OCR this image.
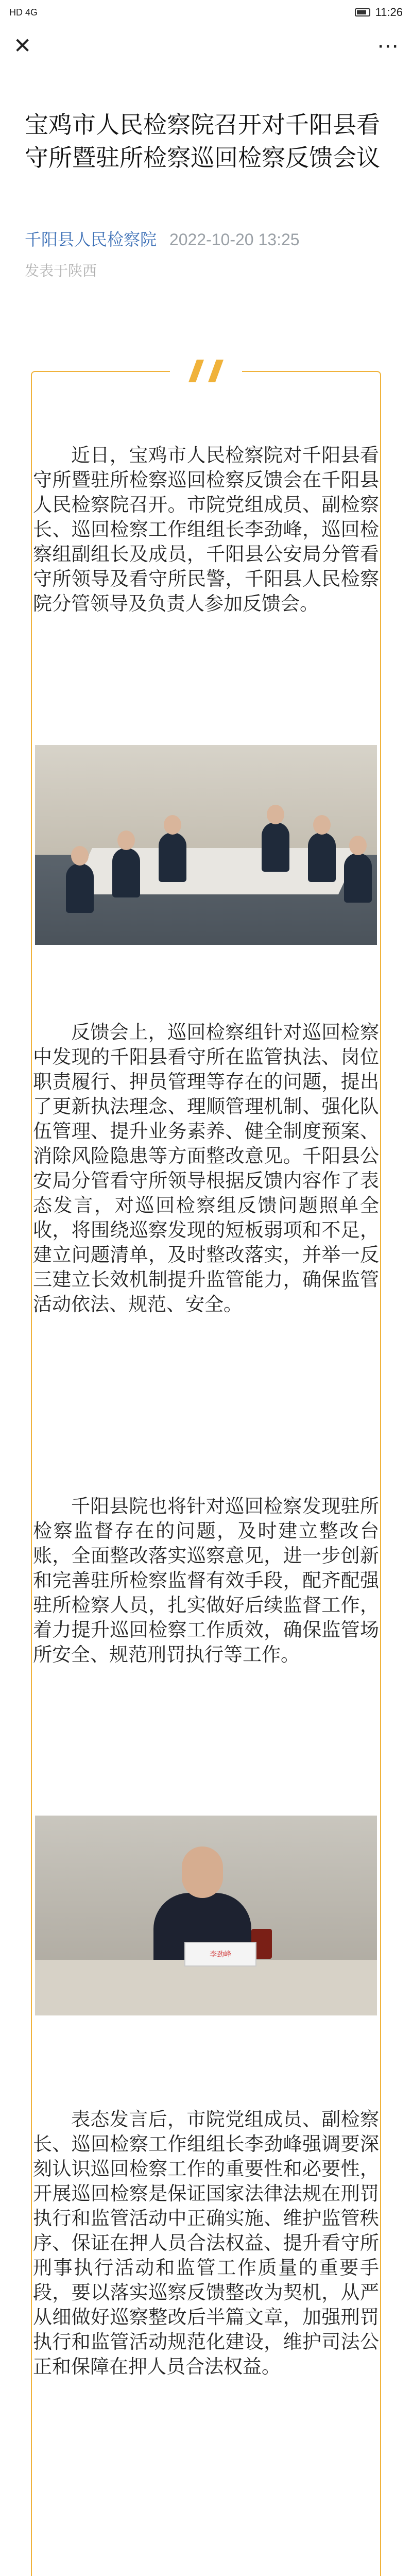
HD 4G	11:26
✕	⋯
宝鸡市人民检察院召开对千阳县看守所暨驻所检察巡回检察反馈会议
千阳县人民检察院 2022-10-20 13:25
发表于陕西

近日，宝鸡市人民检察院对千阳县看守所暨驻所检察巡回检察反馈会在千阳县人民检察院召开。市院党组成员、副检察长、巡回检察工作组组长李劲峰，巡回检察组副组长及成员，千阳县公安局分管看守所领导及看守所民警，千阳县人民检察院分管领导及负责人参加反馈会。

反馈会上，巡回检察组针对巡回检察中发现的千阳县看守所在监管执法、岗位职责履行、押员管理等存在的问题，提出了更新执法理念、理顺管理机制、强化队伍管理、提升业务素养、健全制度预案、消除风险隐患等方面整改意见。千阳县公安局分管看守所领导根据反馈内容作了表态发言，对巡回检察组反馈问题照单全收，将围绕巡察发现的短板弱项和不足，建立问题清单，及时整改落实，并举一反三建立长效机制提升监管能力，确保监管活动依法、规范、安全。

千阳县院也将针对巡回检察发现驻所检察监督存在的问题，及时建立整改台账，全面整改落实巡察意见，进一步创新和完善驻所检察监督有效手段，配齐配强驻所检察人员，扎实做好后续监督工作，着力提升巡回检察工作质效，确保监管场所安全、规范刑罚执行等工作。

李劲峰

表态发言后，市院党组成员、副检察长、巡回检察工作组组长李劲峰强调要深刻认识巡回检察工作的重要性和必要性，开展巡回检察是保证国家法律法规在刑罚执行和监管活动中正确实施、维护监管秩序、保证在押人员合法权益、提升看守所刑事执行活动和监管工作质量的重要手段，要以落实巡察反馈整改为契机，从严从细做好巡察整改后半篇文章，加强刑罚执行和监管活动规范化建设，维护司法公正和保障在押人员合法权益。
